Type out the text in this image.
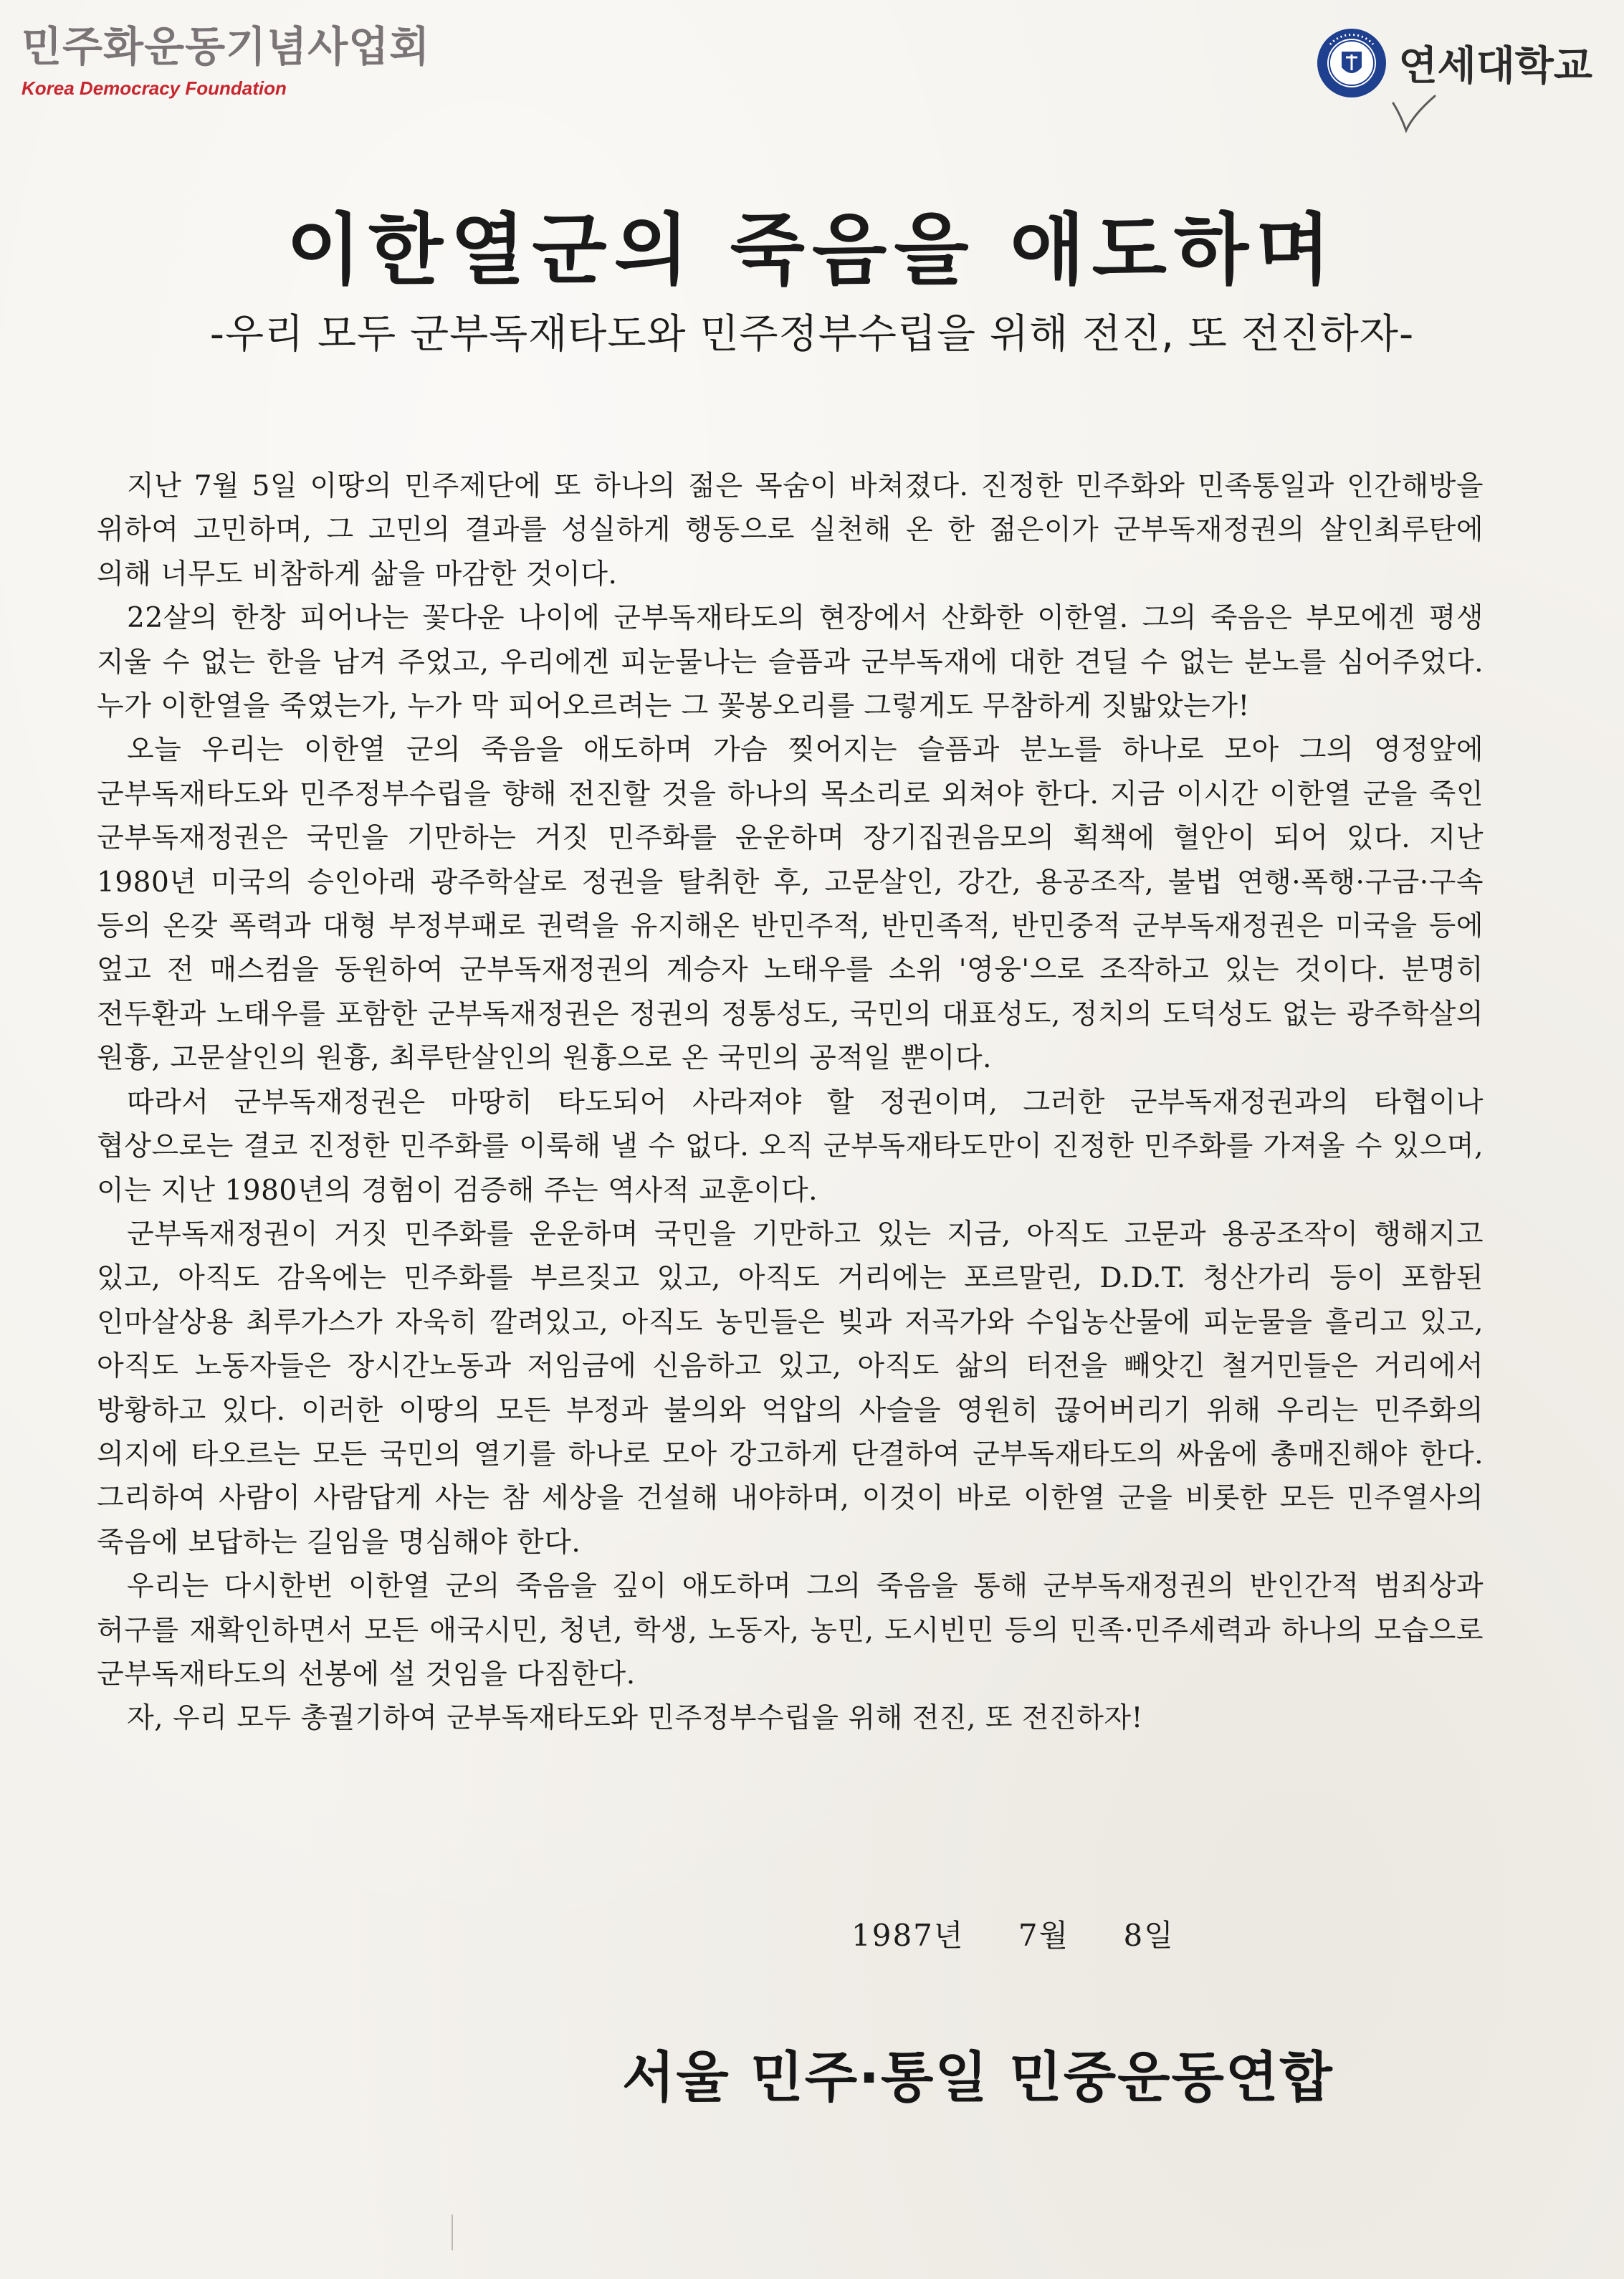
민주화운동기념사업회
Korea Democracy Foundation	연세대학교
이한열군의 죽음을 애도하며
-우리 모두 군부독재타도와 민주정부수립을 위해 전진, 또 전진하자-

지난 7월 5일 이땅의 민주제단에 또 하나의 젊은 목숨이 바쳐졌다. 진정한 민주화와 민족통일과 인간해방을 위하여 고민하며, 그 고민의 결과를 성실하게 행동으로 실천해 온 한 젊은이가 군부독재정권의 살인최루탄에 의해 너무도 비참하게 삶을 마감한 것이다.

22살의 한창 피어나는 꽃다운 나이에 군부독재타도의 현장에서 산화한 이한열. 그의 죽음은 부모에겐 평생 지울 수 없는 한을 남겨 주었고, 우리에겐 피눈물나는 슬픔과 군부독재에 대한 견딜 수 없는 분노를 심어주었다. 누가 이한열을 죽였는가, 누가 막 피어오르려는 그 꽃봉오리를 그렇게도 무참하게 짓밟았는가!

오늘 우리는 이한열 군의 죽음을 애도하며 가슴 찢어지는 슬픔과 분노를 하나로 모아 그의 영정앞에 군부독재타도와 민주정부수립을 향해 전진할 것을 하나의 목소리로 외쳐야 한다. 지금 이시간 이한열 군을 죽인 군부독재정권은 국민을 기만하는 거짓 민주화를 운운하며 장기집권음모의 획책에 혈안이 되어 있다. 지난 1980년 미국의 승인아래 광주학살로 정권을 탈취한 후, 고문살인, 강간, 용공조작, 불법 연행·폭행·구금·구속 등의 온갖 폭력과 대형 부정부패로 권력을 유지해온 반민주적, 반민족적, 반민중적 군부독재정권은 미국을 등에 엎고 전 매스컴을 동원하여 군부독재정권의 계승자 노태우를 소위 '영웅'으로 조작하고 있는 것이다. 분명히 전두환과 노태우를 포함한 군부독재정권은 정권의 정통성도, 국민의 대표성도, 정치의 도덕성도 없는 광주학살의 원흉, 고문살인의 원흉, 최루탄살인의 원흉으로 온 국민의 공적일 뿐이다.

따라서 군부독재정권은 마땅히 타도되어 사라져야 할 정권이며, 그러한 군부독재정권과의 타협이나 협상으로는 결코 진정한 민주화를 이룩해 낼 수 없다. 오직 군부독재타도만이 진정한 민주화를 가져올 수 있으며, 이는 지난 1980년의 경험이 검증해 주는 역사적 교훈이다.

군부독재정권이 거짓 민주화를 운운하며 국민을 기만하고 있는 지금, 아직도 고문과 용공조작이 행해지고 있고, 아직도 감옥에는 민주화를 부르짖고 있고, 아직도 거리에는 포르말린, D.D.T. 청산가리 등이 포함된 인마살상용 최루가스가 자욱히 깔려있고, 아직도 농민들은 빚과 저곡가와 수입농산물에 피눈물을 흘리고 있고, 아직도 노동자들은 장시간노동과 저임금에 신음하고 있고, 아직도 삶의 터전을 빼앗긴 철거민들은 거리에서 방황하고 있다. 이러한 이땅의 모든 부정과 불의와 억압의 사슬을 영원히 끊어버리기 위해 우리는 민주화의 의지에 타오르는 모든 국민의 열기를 하나로 모아 강고하게 단결하여 군부독재타도의 싸움에 총매진해야 한다. 그리하여 사람이 사람답게 사는 참 세상을 건설해 내야하며, 이것이 바로 이한열 군을 비롯한 모든 민주열사의 죽음에 보답하는 길임을 명심해야 한다.

우리는 다시한번 이한열 군의 죽음을 깊이 애도하며 그의 죽음을 통해 군부독재정권의 반인간적 범죄상과 허구를 재확인하면서 모든 애국시민, 청년, 학생, 노동자, 농민, 도시빈민 등의 민족·민주세력과 하나의 모습으로 군부독재타도의 선봉에 설 것임을 다짐한다.

자, 우리 모두 총궐기하여 군부독재타도와 민주정부수립을 위해 전진, 또 전진하자!

1987년 7월 8일
서울 민주·통일 민중운동연합
